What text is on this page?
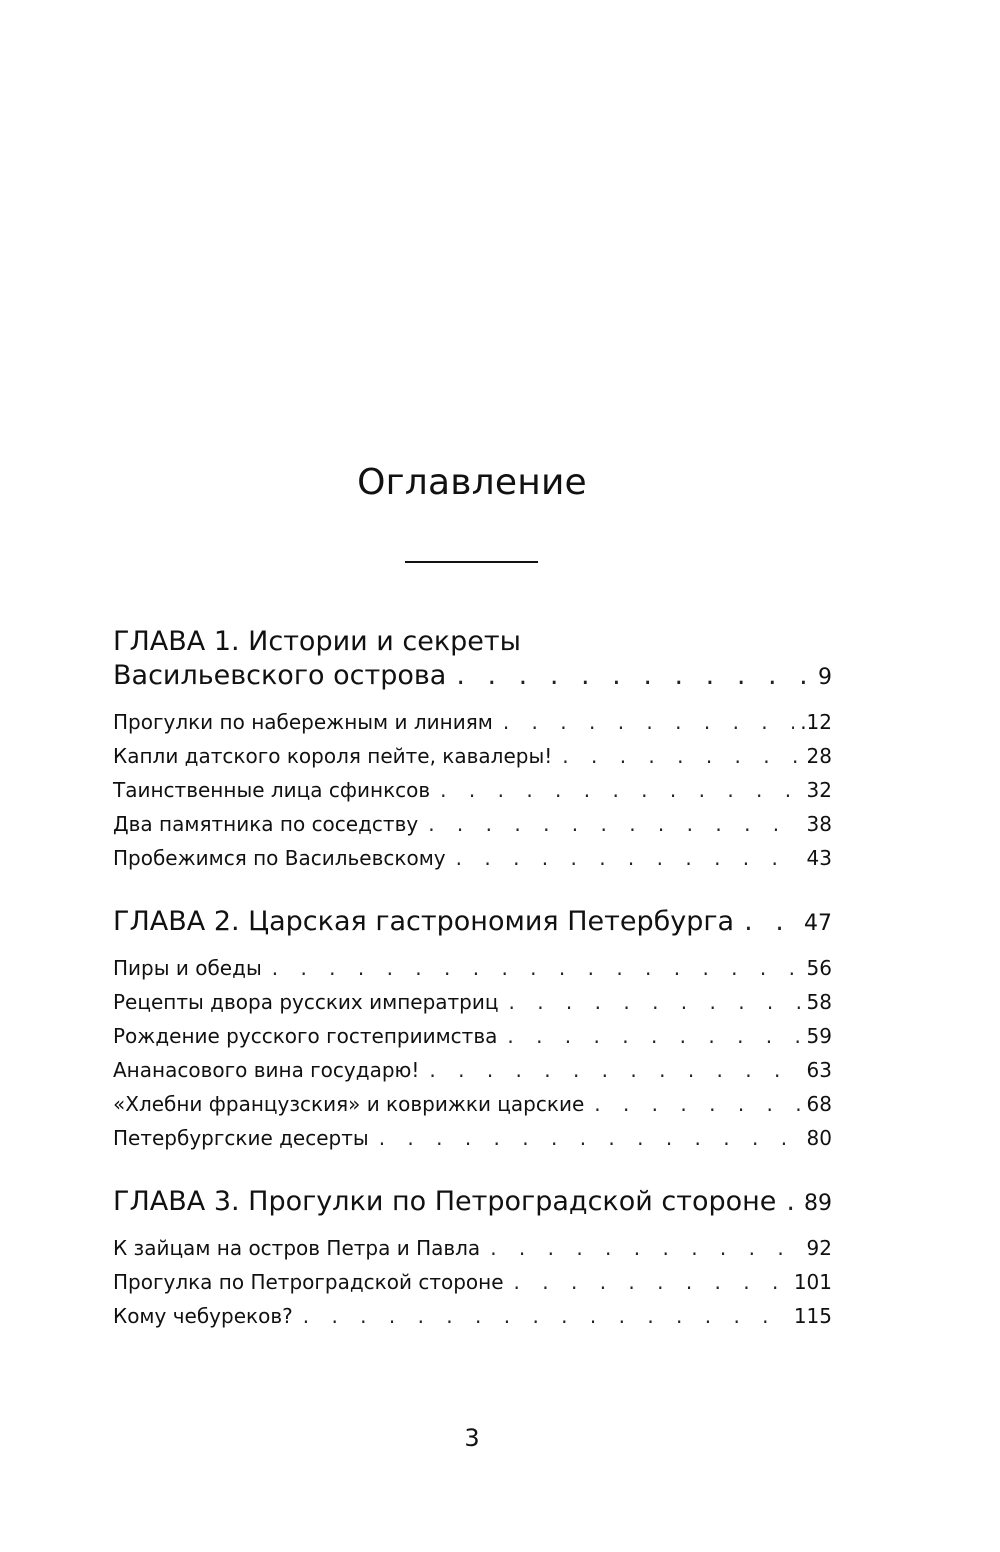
Оглавление
ГЛАВА 1. Истории и секреты
Васильевского острова . . .	9
Прогулки по набережным и линиям . . .	.12
Капли датского короля пейте, кавалеры! . . .	28
Таинственные лица сфинксов . . .	32
Два памятника по соседству . . .	38
Пробежимся по Васильевскому . . .	43
ГЛАВА 2. Царская гастрономия Петербурга . . .	47
Пиры и обеды . . .	56
Рецепты двора русских императриц . . .	58
Рождение русского гостеприимства . . .	59
Ананасового вина государю! . . .	63
«Хлебни французския» и коврижки царские . . .	68
Петербургские десерты . . .	80
ГЛАВА 3. Прогулки по Петроградской стороне . . . 89
К зайцам на остров Петра и Павла . . .	92
Прогулка по Петроградской стороне . . .	101
Кому чебуреков? . . .	115
3
